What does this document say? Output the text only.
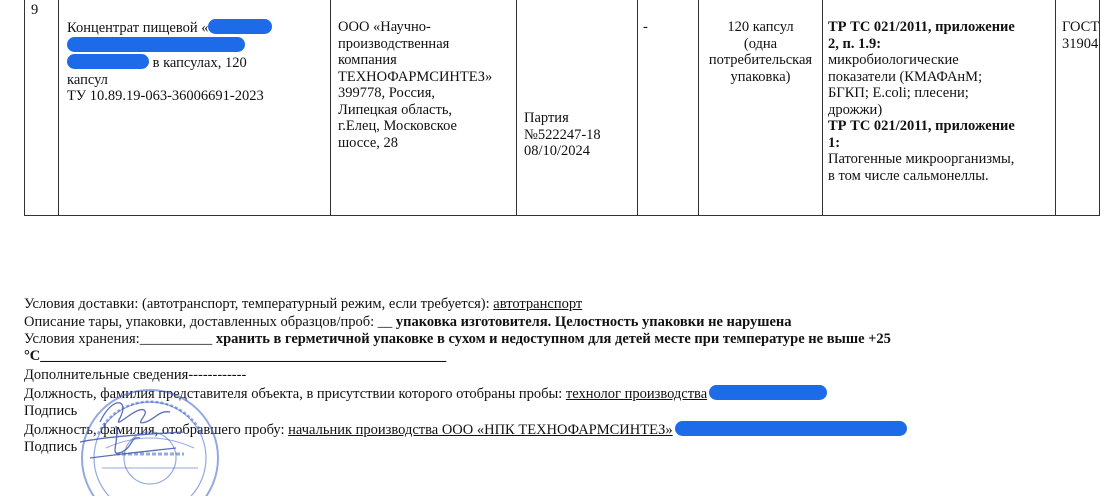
9
Концентрат пищевой «
в капсулах, 120
капсул
ТУ 10.89.19-063-36006691-2023
ООО «Научно-
производственная
компания
ТЕХНОФАРМСИНТЕЗ»
399778, Россия,
Липецкая область,
г.Елец, Московское
шоссе, 28
Партия
№522247-18
08/10/2024
-	120 капсул
(одна
потребительская
упаковка)
ТР ТС 021/2011, приложение
2, п. 1.9:
микробиологические
показатели (КМАФАнМ;
БГКП; E.coli; плесени;
дрожжи)
ТР ТС 021/2011, приложение
1:
Патогенные микроорганизмы,
в том числе сальмонеллы.
ГОСТ
31904
Условия доставки: (автотранспорт, температурный режим, если требуется): автотранспорт
Описание тары, упаковки, доставленных образцов/проб: __ упаковка изготовителя. Целостность упаковки не нарушена
Условия хранения:__________ хранить в герметичной упаковке в сухом и недоступном для детей месте при температуре не выше +25
°С________________________________________________________
Дополнительные сведения------------
Должность, фамилия представителя объекта, в присутствии которого отобраны пробы: технолог производства
Подпись
Должность, фамилия, отобравшего пробу: начальник производства ООО «НПК ТЕХНОФАРМСИНТЕЗ»
Подпись
